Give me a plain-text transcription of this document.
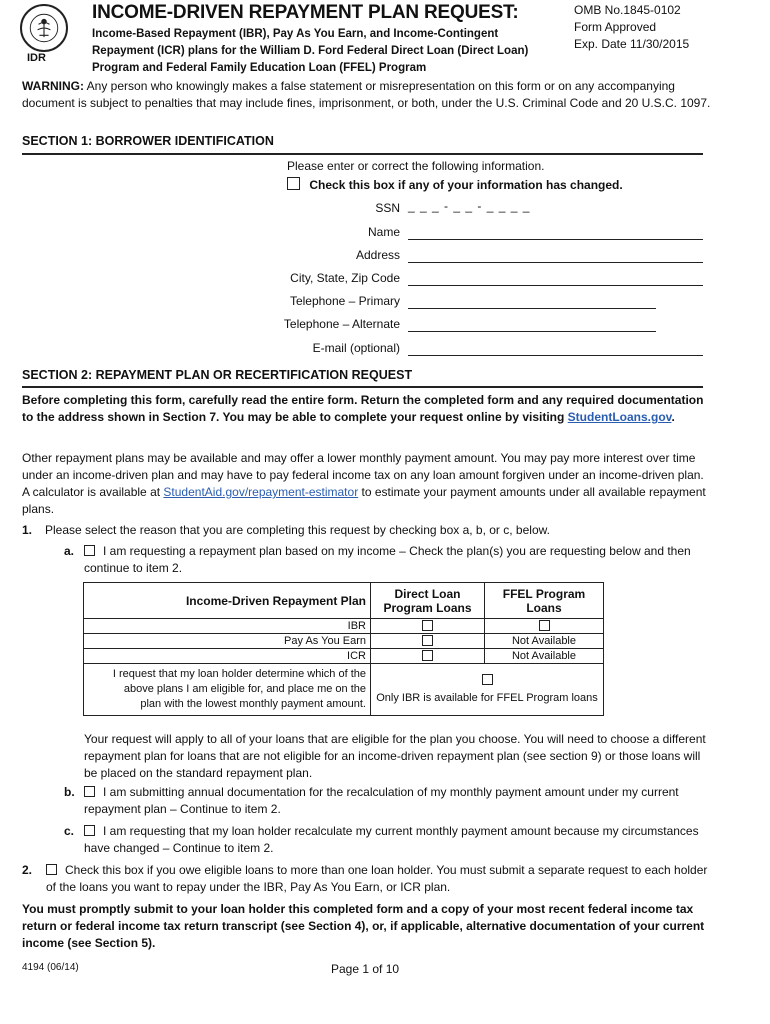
IDR
INCOME-DRIVEN REPAYMENT PLAN REQUEST:
Income-Based Repayment (IBR), Pay As You Earn, and Income-Contingent Repayment (ICR) plans for the William D. Ford Federal Direct Loan (Direct Loan) Program and Federal Family Education Loan (FFEL) Program
OMB No.1845-0102
Form Approved
Exp. Date 11/30/2015
WARNING: Any person who knowingly makes a false statement or misrepresentation on this form or on any accompanying document is subject to penalties that may include fines, imprisonment, or both, under the U.S. Criminal Code and 20 U.S.C. 1097.
SECTION 1: BORROWER IDENTIFICATION
Please enter or correct the following information.
Check this box if any of your information has changed.
SSN _ _ _ - _ _ - _ _ _ _
Name
Address
City, State, Zip Code
Telephone – Primary
Telephone – Alternate
E-mail (optional)
SECTION 2: REPAYMENT PLAN OR RECERTIFICATION REQUEST
Before completing this form, carefully read the entire form. Return the completed form and any required documentation to the address shown in Section 7. You may be able to complete your request online by visiting StudentLoans.gov.
Other repayment plans may be available and may offer a lower monthly payment amount. You may pay more interest over time under an income-driven plan and may have to pay federal income tax on any loan amount forgiven under an income-driven plan. A calculator is available at StudentAid.gov/repayment-estimator to estimate your payment amounts under all available repayment plans.
1. Please select the reason that you are completing this request by checking box a, b, or c, below.
a.	I am requesting a repayment plan based on my income – Check the plan(s) you are requesting below and then continue to item 2.
Income-Driven Repayment Plan	Direct Loan Program Loans	FFEL Program Loans
IBR		
Pay As You Earn		Not Available
ICR		Not Available
I request that my loan holder determine which of the above plans I am eligible for, and place me on the plan with the lowest monthly payment amount.	Only IBR is available for FFEL Program loans	
Your request will apply to all of your loans that are eligible for the plan you choose. You will need to choose a different repayment plan for loans that are not eligible for an income-driven repayment plan (see section 9) or those loans will be placed on the standard repayment plan.
b.	I am submitting annual documentation for the recalculation of my monthly payment amount under my current repayment plan – Continue to item 2.
c.	I am requesting that my loan holder recalculate my current monthly payment amount because my circumstances have changed – Continue to item 2.
2.	Check this box if you owe eligible loans to more than one loan holder. You must submit a separate request to each holder of the loans you want to repay under the IBR, Pay As You Earn, or ICR plan.
You must promptly submit to your loan holder this completed form and a copy of your most recent federal income tax return or federal income tax return transcript (see Section 4), or, if applicable, alternative documentation of your current income (see Section 5).
4194 (06/14)	Page 1 of 10
